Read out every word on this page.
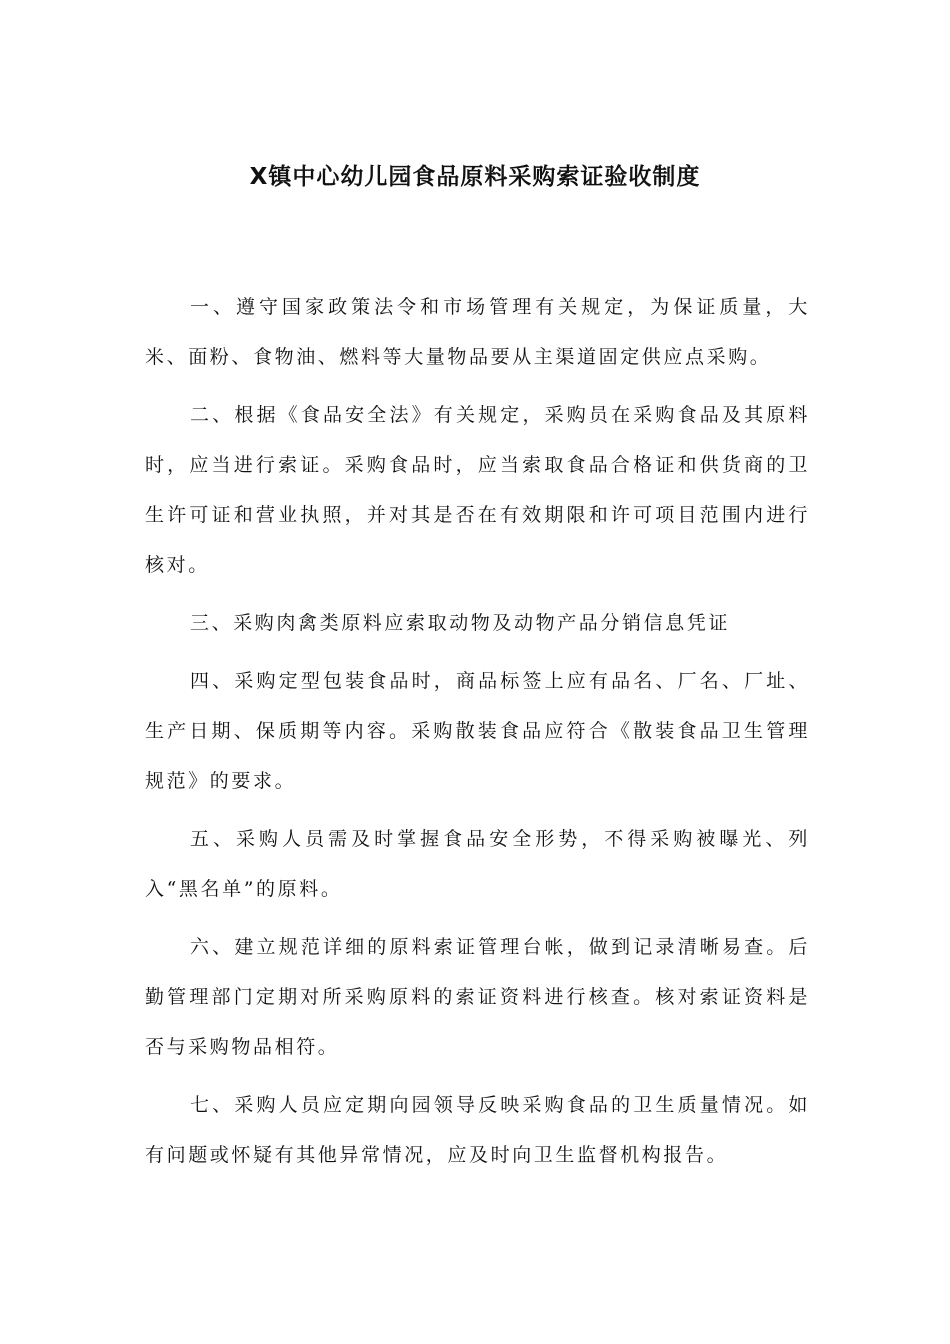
X镇中心幼儿园食品原料采购索证验收制度

一、遵守国家政策法令和市场管理有关规定，为保证质量，大米、面粉、食物油、燃料等大量物品要从主渠道固定供应点采购。

二、根据《食品安全法》有关规定，采购员在采购食品及其原料时，应当进行索证。采购食品时，应当索取食品合格证和供货商的卫生许可证和营业执照，并对其是否在有效期限和许可项目范围内进行核对。

三、采购肉禽类原料应索取动物及动物产品分销信息凭证

四、采购定型包装食品时，商品标签上应有品名、厂名、厂址、生产日期、保质期等内容。采购散装食品应符合《散装食品卫生管理规范》的要求。

五、采购人员需及时掌握食品安全形势，不得采购被曝光、列入“黑名单”的原料。

六、建立规范详细的原料索证管理台帐，做到记录清晰易查。后勤管理部门定期对所采购原料的索证资料进行核查。核对索证资料是否与采购物品相符。

七、采购人员应定期向园领导反映采购食品的卫生质量情况。如有问题或怀疑有其他异常情况，应及时向卫生监督机构报告。
